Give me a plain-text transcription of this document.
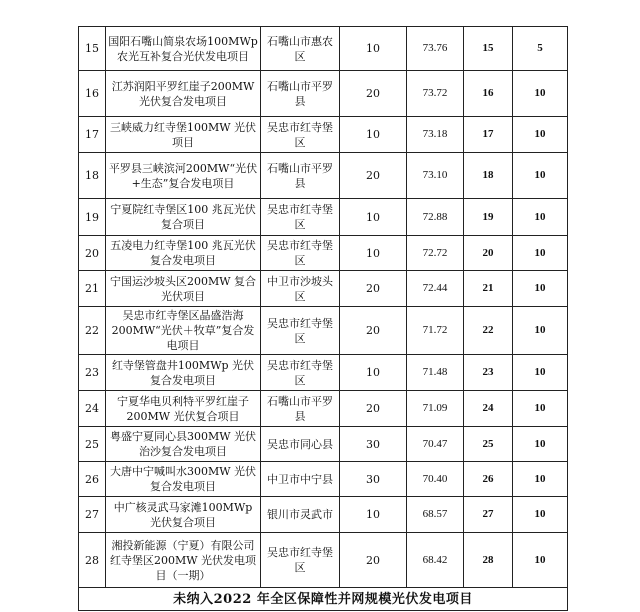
15	国阳石嘴山简泉农场100MWp 农光互补复合光伏发电项目	石嘴山市惠农区	10	73.76	15	5
16	江苏润阳平罗红崖子200MW 光伏复合发电项目	石嘴山市平罗县	20	73.72	16	10
17	三峡威力红寺堡100MW 光伏项目	吴忠市红寺堡区	10	73.18	17	10
18	平罗县三峡滨河200MW“光伏+生态”复合发电项目	石嘴山市平罗县	20	73.10	18	10
19	宁夏院红寺堡区100 兆瓦光伏复合项目	吴忠市红寺堡区	10	72.88	19	10
20	五凌电力红寺堡100 兆瓦光伏复合发电项目	吴忠市红寺堡区	10	72.72	20	10
21	宁国运沙坡头区200MW 复合光伏项目	中卫市沙坡头区	20	72.44	21	10
22	吴忠市红寺堡区晶盛浩海200MW“光伏＋牧草”复合发电项目	吴忠市红寺堡区	20	71.72	22	10
23	红寺堡管盘井100MWp 光伏复合发电项目	吴忠市红寺堡区	10	71.48	23	10
24	宁夏华电贝利特平罗红崖子200MW 光伏复合项目	石嘴山市平罗县	20	71.09	24	10
25	粤盛宁夏同心县300MW 光伏治沙复合发电项目	吴忠市同心县	30	70.47	25	10
26	大唐中宁喊叫水300MW 光伏复合发电项目	中卫市中宁县	30	70.40	26	10
27	中广核灵武马家滩100MWp 光伏复合项目	银川市灵武市	10	68.57	27	10
28	湘投新能源（宁夏）有限公司红寺堡区200MW 光伏发电项目（一期）	吴忠市红寺堡区	20	68.42	28	10
未纳入2022 年全区保障性并网规模光伏发电项目						
